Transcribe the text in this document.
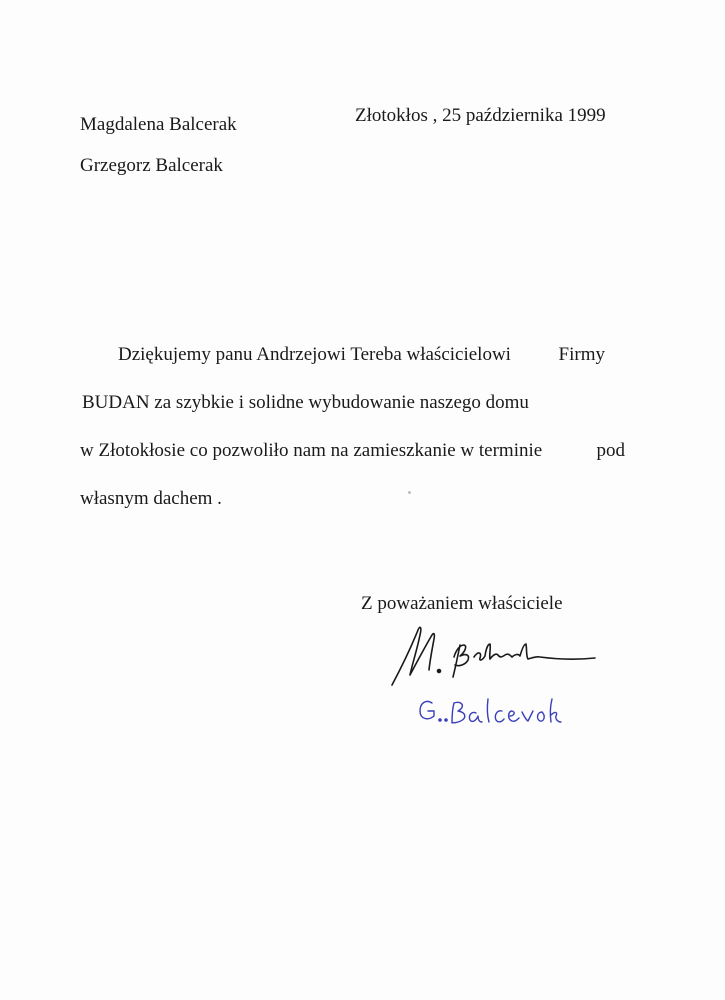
Magdalena Balcerak
Grzegorz Balcerak
Złotokłos , 25 października 1999
Dziękujemy panu Andrzejowi Tereba właścicielowi	Firmy
BUDAN za szybkie i solidne wybudowanie naszego domu
w Złotokłosie co pozwoliło nam na zamieszkanie w terminie	pod
własnym dachem .
Z poważaniem właściciele
